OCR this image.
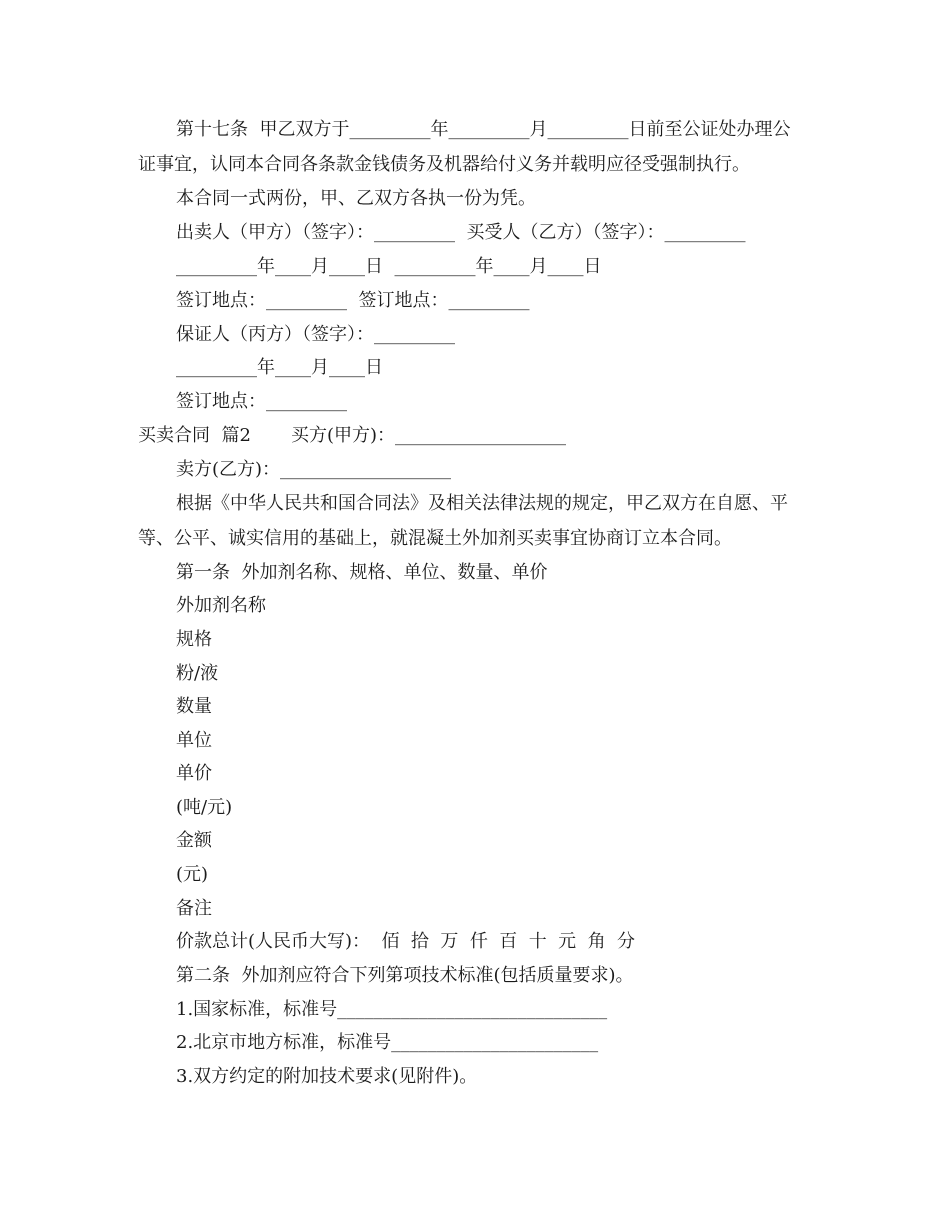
第十七条  甲乙双方于_________年_________月_________日前至公证处办理公
证事宜，认同本合同各条款金钱债务及机器给付义务并载明应径受强制执行。
本合同一式两份，甲、乙双方各执一份为凭。
出卖人（甲方）（签字）：_________  买受人（乙方）（签字）：_________
_________年____月____日  _________年____月____日
签订地点：_________  签订地点：_________
保证人（丙方）（签字）：_________
_________年____月____日
签订地点：_________
买卖合同  篇2       买方(甲方)：___________________
卖方(乙方)：___________________
根据《中华人民共和国合同法》及相关法律法规的规定，甲乙双方在自愿、平
等、公平、诚实信用的基础上，就混凝土外加剂买卖事宜协商订立本合同。
第一条  外加剂名称、规格、单位、数量、单价
外加剂名称
规格
粉/液
数量
单位
单价
(吨/元)
金额
(元)
备注
价款总计(人民币大写)：  佰  拾  万  仟  百  十  元  角  分
第二条  外加剂应符合下列第项技术标准(包括质量要求)。
1.国家标准，标准号______________________________
2.北京市地方标准，标准号_______________________
3.双方约定的附加技术要求(见附件)。
